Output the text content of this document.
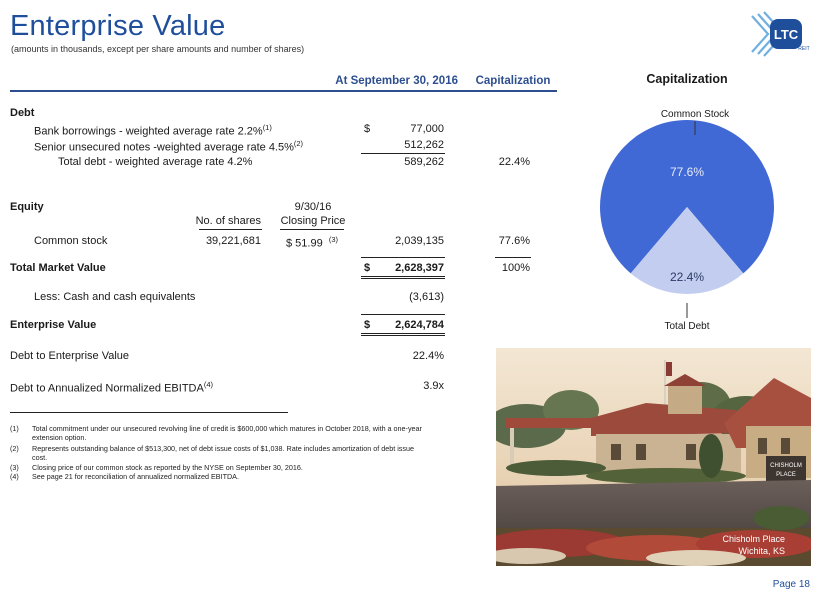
Enterprise Value
(amounts in thousands, except per share amounts and number of shares)
LTC
REIT
At September 30, 2016	Capitalization
Debt
Bank borrowings - weighted average rate 2.2%$^{(1)}$	$	77,000
Senior unsecured notes -weighted average rate 4.5%$^{(2)}$	512,262
Total debt - weighted average rate 4.2%	589,262	22.4%
Equity	9/30/16
No. of shares	Closing Price
Common stock	39,221,681 $ 51.99 $^{(3)}$	2,039,135	77.6%
Total Market Value	$	2,628,397	100%
Less: Cash and cash equivalents	(3,613)
Enterprise Value	$	2,624,784
Debt to Enterprise Value	22.4%
Debt to Annualized Normalized EBITDA$^{(4)}$	3.9x
(1) Total commitment under our unsecured revolving line of credit is $600,000 which matures in October 2018, with a one-year extension option.
(2) Represents outstanding balance of $513,300, net of debt issue costs of $1,038. Rate includes amortization of debt issue cost.
(3) Closing price of our common stock as reported by the NYSE on September 30, 2016.
(4) See page 21 for reconciliation of annualized normalized EBITDA.
Capitalization
77.6%
22.4%
Common Stock
Total Debt
CHISHOLM
PLACE
Chisholm Place
Wichita, KS
Page 18
